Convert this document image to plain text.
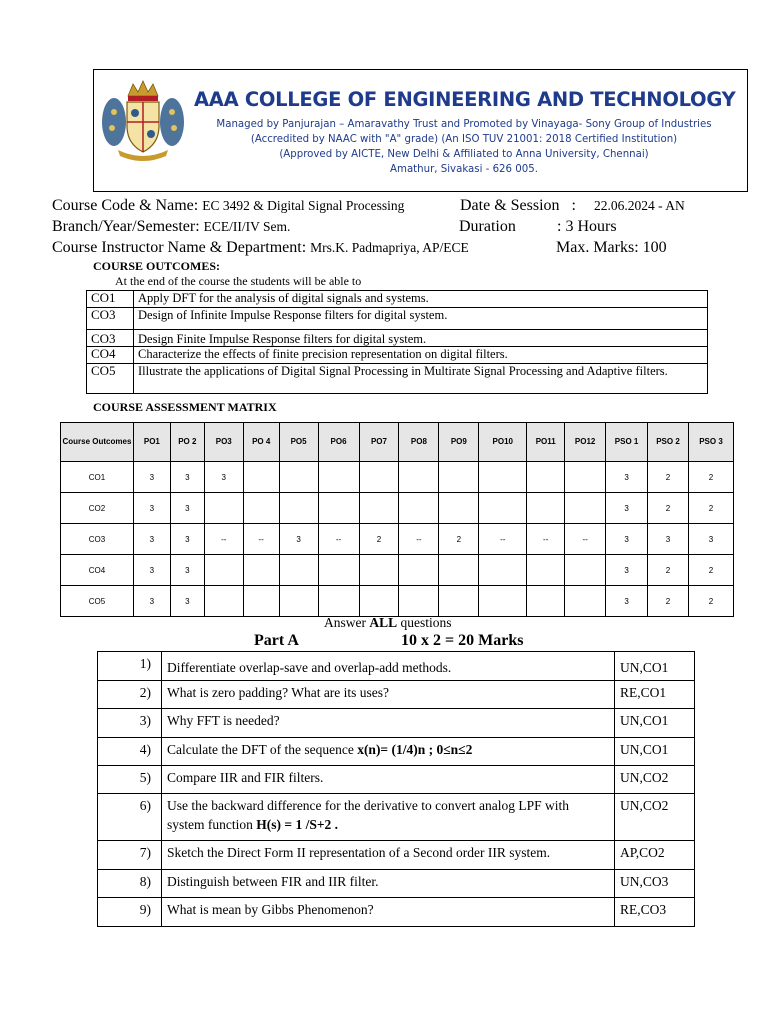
AAA COLLEGE OF ENGINEERING AND TECHNOLOGY
Managed by Panjurajan – Amaravathy Trust and Promoted by Vinayaga- Sony Group of Industries
(Accredited by NAAC with "A" grade) (An ISO TUV 21001: 2018 Certified Institution)
(Approved by AICTE, New Delhi & Affiliated to Anna University, Chennai)
Amathur, Sivakasi - 626 005.
Course Code & Name: EC 3492 & Digital Signal Processing	Date & Session : 22.06.2024 - AN
Branch/Year/Semester: ECE/II/IV Sem.	Duration	: 3 Hours
Course Instructor Name & Department: Mrs.K. Padmapriya, AP/ECE	Max. Marks: 100
COURSE OUTCOMES:
At the end of the course the students will be able to
CO1	Apply DFT for the analysis of digital signals and systems.
CO3	Design of Infinite Impulse Response filters for digital system.
CO3	Design Finite Impulse Response filters for digital system.
CO4	Characterize the effects of finite precision representation on digital filters.
CO5	Illustrate the applications of Digital Signal Processing in Multirate Signal Processing and Adaptive filters.
COURSE ASSESSMENT MATRIX
Course Outcomes	PO1	PO 2	PO3	PO 4	PO5	PO6	PO7	PO8	PO9	PO10	PO11	PO12	PSO 1	PSO 2	PSO 3
CO1	3	3	3										3	2	2
CO2	3	3											3	2	2
CO3	3	3	--	--	3	--	2	--	2	--	--	--	3	3	3
CO4	3	3											3	2	2
CO5	3	3											3	2	2
Answer ALL questions
Part A	10 x 2 = 20 Marks
1)	Differentiate overlap-save and overlap-add methods.	UN,CO1
2)	What is zero padding? What are its uses?	RE,CO1
3)	Why FFT is needed?	UN,CO1
4)	Calculate the DFT of the sequence x(n)= (1/4)n ; 0≤n≤2	UN,CO1
5)	Compare IIR and FIR filters.	UN,CO2
6)	Use the backward difference for the derivative to convert analog LPF with system function H(s) = 1 /S+2 .	UN,CO2
7)	Sketch the Direct Form II representation of a Second order IIR system.	AP,CO2
8)	Distinguish between FIR and IIR filter.	UN,CO3
9)	What is mean by Gibbs Phenomenon?	RE,CO3
